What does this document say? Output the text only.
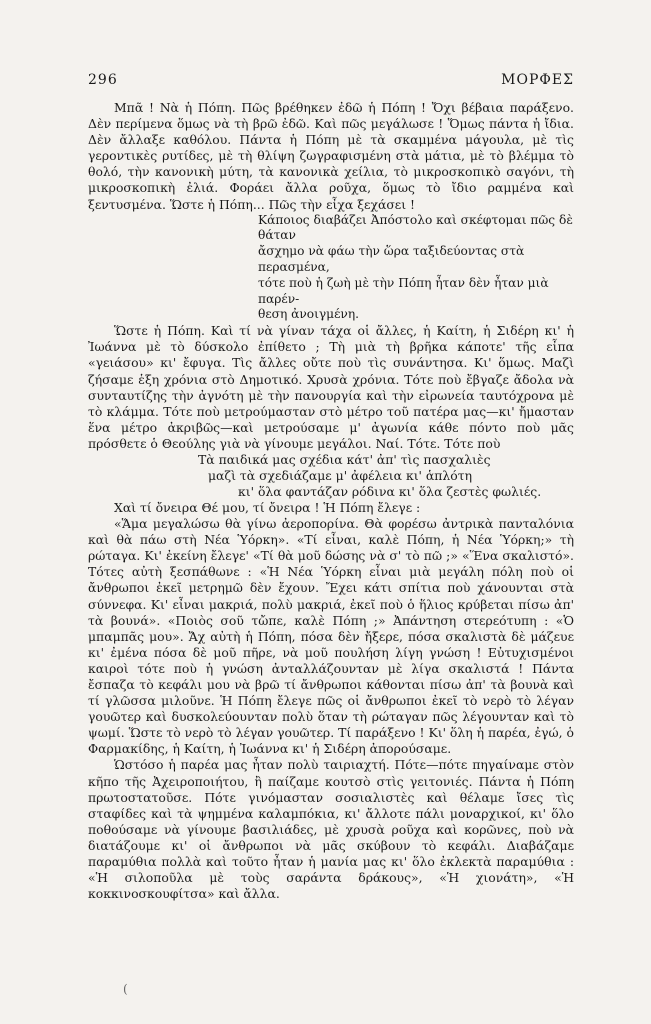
296	ΜΟΡΦΕΣ

Μπᾶ ! Νὰ ἡ Πόπη. Πῶς βρέθηκεν ἐδῶ ἡ Πόπη ! Ὄχι βέβαια παράξενο. Δὲν περίμενα ὅμως νὰ τὴ βρῶ ἐδῶ. Καὶ πῶς μεγάλωσε ! Ὅμως πάντα ἡ ἴδια. Δὲν ἄλλαξε καθόλου. Πάντα ἡ Πόπη μὲ τὰ σκαμμένα μάγουλα, μὲ τὶς γεροντικὲς ρυτίδες, μὲ τὴ θλίψη ζωγραφισμένη στὰ μάτια, μὲ τὸ βλέμμα τὸ θολό, τὴν κανονικὴ μύτη, τὰ κανονικὰ χείλια, τὸ μικροσκοπικὸ σαγόνι, τὴ μικροσκοπικὴ ἐλιά. Φοράει ἄλλα ροῦχα, ὅμως τὸ ἴδιο ραμμένα καὶ ξεντυσμένα. Ὥστε ἡ Πόπη... Πῶς τὴν εἶχα ξεχάσει !

Κάποιος διαβάζει Ἀπόστολο καὶ σκέφτομαι πῶς δὲ θάταν
ἄσχημο νὰ φάω τὴν ὥρα ταξιδεύοντας στὰ περασμένα,
τότε ποὺ ἡ ζωὴ μὲ τὴν Πόπη ἦταν δὲν ἦταν μιὰ παρέν-
θεση ἀνοιγμένη.

Ὥστε ἡ Πόπη. Καὶ τί νὰ γίναν τάχα οἱ ἄλλες, ἡ Καίτη, ἡ Σιδέρη κι' ἡ Ἰωάννα μὲ τὸ δύσκολο ἐπίθετο ; Τὴ μιὰ τὴ βρῆκα κάποτε' τῆς εἶπα «γειάσου» κι' ἔφυγα. Τὶς ἄλλες οὔτε ποὺ τὶς συνάντησα. Κι' ὅμως. Μαζὶ ζήσαμε ἑξη χρόνια στὸ Δημοτικό. Χρυσὰ χρόνια. Τότε ποὺ ἔβγαζε ἄδολα νὰ συνταυτίζης τὴν ἀγνότη μὲ τὴν πανουργία καὶ τὴν εἰρωνεία ταυτόχρονα μὲ τὸ κλάμμα. Τότε ποὺ μετρούμασταν στὸ μέτρο τοῦ πατέρα μας—κι' ἤμασταν ἕνα μέτρο ἀκριβῶς—καὶ μετρούσαμε μ' ἀγωνία κάθε πόντο ποὺ μᾶς πρόσθετε ὁ Θεούλης γιὰ νὰ γίνουμε μεγάλοι. Ναί. Τότε. Τότε ποὺ

Τὰ παιδικά μας σχέδια κάτ' ἀπ' τὶς πασχαλιὲς
μαζὶ τὰ σχεδιάζαμε μ' ἀφέλεια κι' ἁπλότη
κι' ὅλα φαντάζαν ρόδινα κι' ὅλα ζεστὲς φωλιές.

Χαὶ τί ὄνειρα Θέ μου, τί ὄνειρα ! Ἡ Πόπη ἔλεγε :

«Ἅμα μεγαλώσω θὰ γίνω ἀεροπορίνα. Θὰ φορέσω ἀντρικὰ πανταλόνια καὶ θὰ πάω στὴ Νέα Ὑόρκη». «Τί εἶναι, καλὲ Πόπη, ἡ Νέα Ὑόρκη;» τὴ ρώταγα. Κι' ἐκείνη ἔλεγε' «Τί θὰ μοῦ δώσης νὰ σ' τὸ πῶ ;» «Ἕνα σκαλιστό». Τότες αὐτὴ ξεσπάθωνε : «Ἡ Νέα Ὑόρκη εἶναι μιὰ μεγάλη πόλη ποὺ οἱ ἄνθρωποι ἐκεῖ μετρημῶ δὲν ἔχουν. Ἔχει κάτι σπίτια ποὺ χάνουνται στὰ σύννεφα. Κι' εἶναι μακριά, πολὺ μακριά, ἐκεῖ ποὺ ὁ ἥλιος κρύβεται πίσω ἀπ' τὰ βουνά». «Ποιὸς σοῦ τὤπε, καλὲ Πόπη ;» Ἀπάντηση στερεότυπη : «Ὁ μπαμπᾶς μου». Ἄχ αὐτὴ ἡ Πόπη, πόσα δὲν ἤξερε, πόσα σκαλιστὰ δὲ μάζευε κι' ἐμένα πόσα δὲ μοῦ πῆρε, νὰ μοῦ πουλήση λίγη γνώση ! Εὐτυχισμένοι καιροὶ τότε ποὺ ἡ γνώση ἀνταλλάζουνταν μὲ λίγα σκαλιστά ! Πάντα ἔσπαζα τὸ κεφάλι μου νὰ βρῶ τί ἄνθρωποι κάθονται πίσω ἀπ' τὰ βουνὰ καὶ τί γλῶσσα μιλοῦνε. Ἡ Πόπη ἔλεγε πῶς οἱ ἄνθρωποι ἐκεῖ τὸ νερὸ τὸ λέγαν γουῶτερ καὶ δυσκολεύουνταν πολὺ ὅταν τὴ ρώταγαν πῶς λέγουνταν καὶ τὸ ψωμί. Ὥστε τὸ νερὸ τὸ λέγαν γουῶτερ. Τί παράξενο ! Κι' ὅλη ἡ παρέα, ἐγώ, ὁ Φαρμακίδης, ἡ Καίτη, ἡ Ἰωάννα κι' ἡ Σιδέρη ἀπορούσαμε.

Ὡστόσο ἡ παρέα μας ἦταν πολὺ ταιριαχτή. Πότε—πότε πηγαίναμε στὸν κῆπο τῆς Ἀχειροποιήτου, ἢ παίζαμε κουτσὸ στὶς γειτονιές. Πάντα ἡ Πόπη πρωτοστατοῦσε. Πότε γινόμασταν σοσιαλιστὲς καὶ θέλαμε ἴσες τὶς σταφίδες καὶ τὰ ψημμένα καλαμπόκια, κι' ἄλλοτε πάλι μοναρχικοί, κι' ὅλο ποθούσαμε νὰ γίνουμε βασιλιάδες, μὲ χρυσὰ ροῦχα καὶ κορῶνες, ποὺ νὰ διατάζουμε κι' οἱ ἄνθρωποι νὰ μᾶς σκύβουν τὸ κεφάλι. Διαβάζαμε παραμύθια πολλὰ καὶ τοῦτο ἦταν ἡ μανία μας κι' ὅλο ἐκλεκτὰ παραμύθια : «Ἡ σιλοποῦλα μὲ τοὺς σαράντα δράκους», «Ἡ χιονάτη», «Ἡ κοκκινοσκουφίτσα» καὶ ἄλλα.

(
